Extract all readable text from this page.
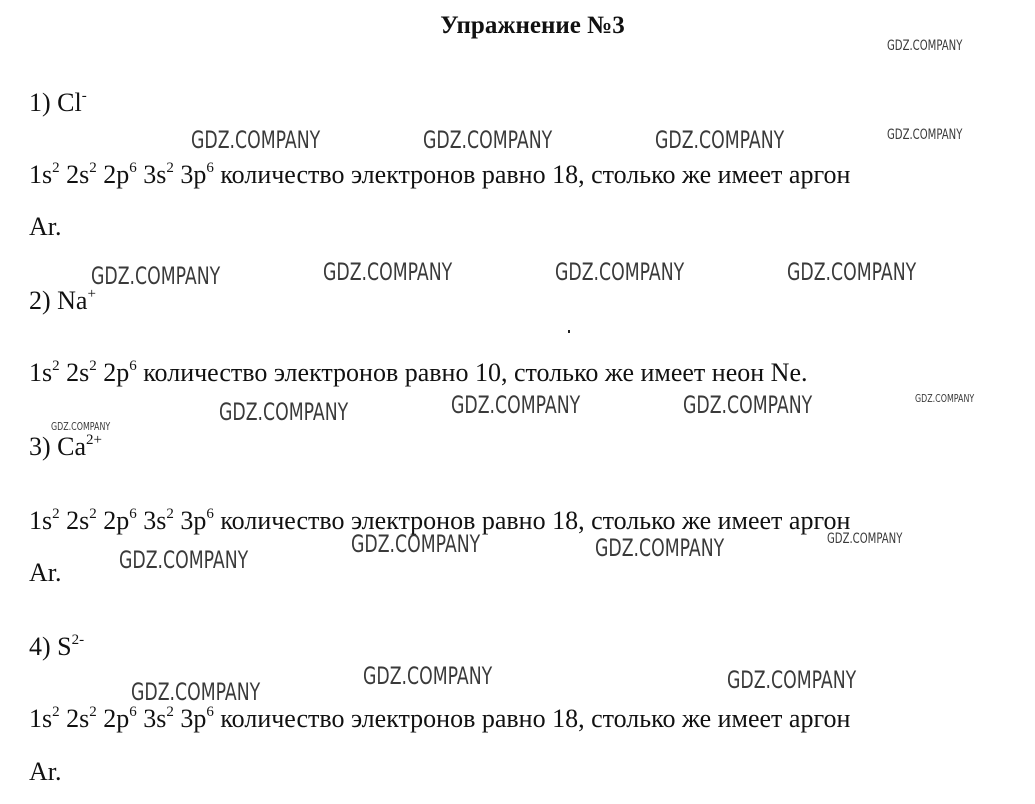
Упражнение №3
1) Cl-
$1s^2$ $2s^2$ $2p^6$ $3s^2$ $3p^6$ количество электронов равно 18, столько же имеет аргон
Ar.
2) Na+
$1s^2$ $2s^2$ $2p^6$ количество электронов равно 10, столько же имеет неон Ne.
3) $Ca^{2+}$
$1s^2$ $2s^2$ $2p^6$ $3s^2$ $3p^6$ количество электронов равно 18, столько же имеет аргон
Ar.
4) $S^{2-}$
$1s^2$ $2s^2$ $2p^6$ $3s^2$ $3p^6$ количество электронов равно 18, столько же имеет аргон
Ar.
GDZ.COMPANY
GDZ.COMPANY	GDZ.COMPANY	GDZ.COMPANY	GDZ.COMPANY
GDZ.COMPANY	GDZ.COMPANY	GDZ.COMPANY	GDZ.COMPANY
GDZ.COMPANY	GDZ.COMPANY	GDZ.COMPANY	GDZ.COMPANY
GDZ.COMPANY
GDZ.COMPANY
GDZ.COMPANY	GDZ.COMPANY	GDZ.COMPANY
GDZ.COMPANY
GDZ.COMPANY	GDZ.COMPANY
